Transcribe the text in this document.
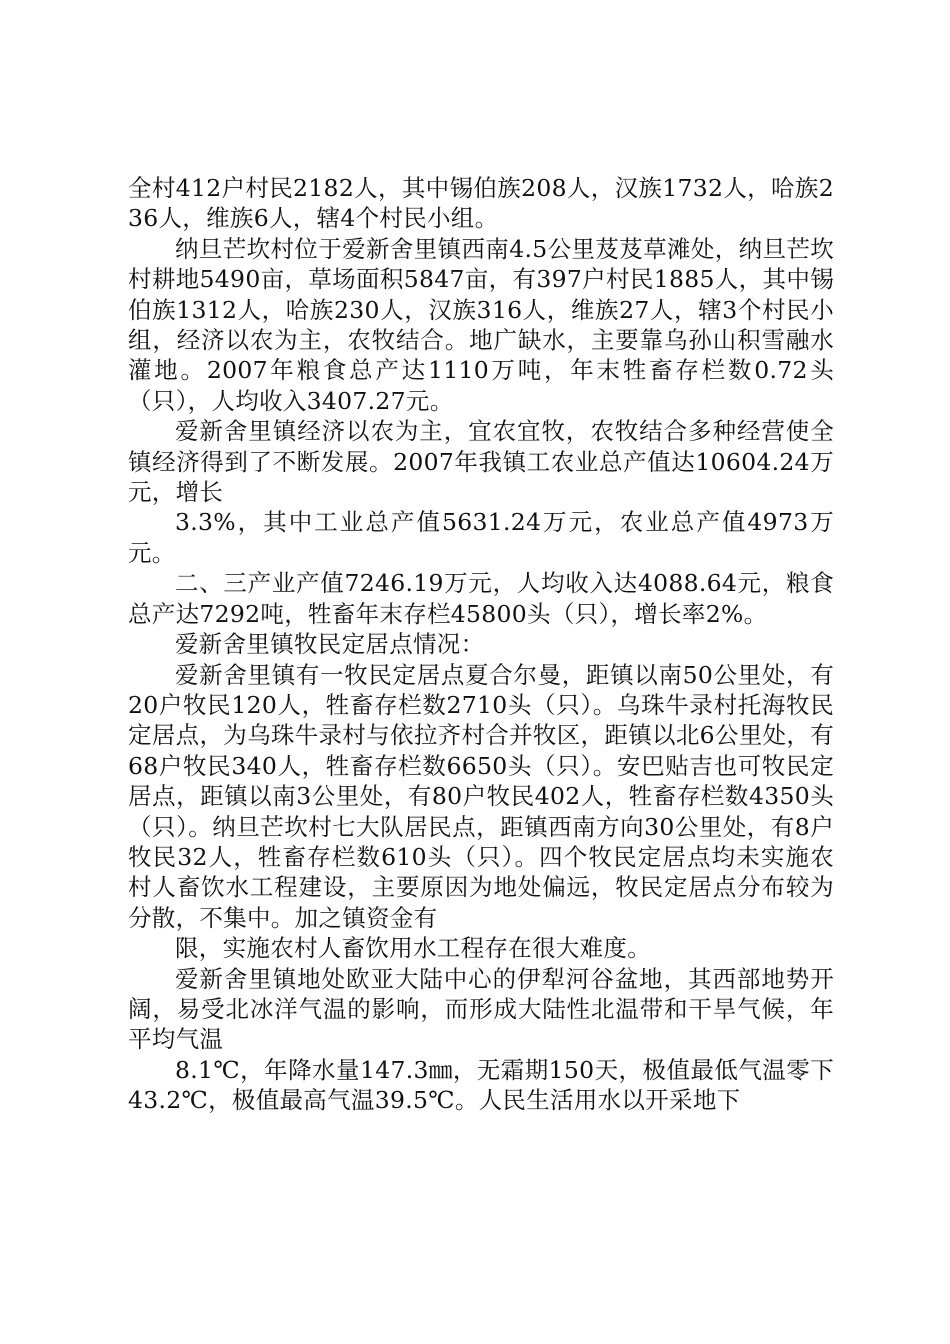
全村412户村民2182人，其中锡伯族208人，汉族1732人，哈族236人，维族6人，辖4个村民小组。

纳旦芒坎村位于爱新舍里镇西南4.5公里芨芨草滩处，纳旦芒坎村耕地5490亩，草场面积5847亩，有397户村民1885人，其中锡伯族1312人，哈族230人，汉族316人，维族27人，辖3个村民小组，经济以农为主，农牧结合。地广缺水，主要靠乌孙山积雪融水灌地。2007年粮食总产达1110万吨，年末牲畜存栏数0.72头（只），人均收入3407.27元。

爱新舍里镇经济以农为主，宜农宜牧，农牧结合多种经营使全镇经济得到了不断发展。2007年我镇工农业总产值达10604.24万元，增长

3.3%，其中工业总产值5631.24万元，农业总产值4973万元。

二、三产业产值7246.19万元，人均收入达4088.64元，粮食总产达7292吨，牲畜年末存栏45800头（只），增长率2%。

爱新舍里镇牧民定居点情况：

爱新舍里镇有一牧民定居点夏合尔曼，距镇以南50公里处，有20户牧民120人，牲畜存栏数2710头（只）。乌珠牛录村托海牧民定居点，为乌珠牛录村与依拉齐村合并牧区，距镇以北6公里处，有68户牧民340人，牲畜存栏数6650头（只）。安巴贴吉也可牧民定居点，距镇以南3公里处，有80户牧民402人，牲畜存栏数4350头（只）。纳旦芒坎村七大队居民点，距镇西南方向30公里处，有8户牧民32人，牲畜存栏数610头（只）。四个牧民定居点均未实施农村人畜饮水工程建设，主要原因为地处偏远，牧民定居点分布较为分散，不集中。加之镇资金有

限，实施农村人畜饮用水工程存在很大难度。

爱新舍里镇地处欧亚大陆中心的伊犁河谷盆地，其西部地势开阔，易受北冰洋气温的影响，而形成大陆性北温带和干旱气候，年平均气温

8.1℃，年降水量147.3㎜，无霜期150天，极值最低气温零下43.2℃，极值最高气温39.5℃。人民生活用水以开采地下
